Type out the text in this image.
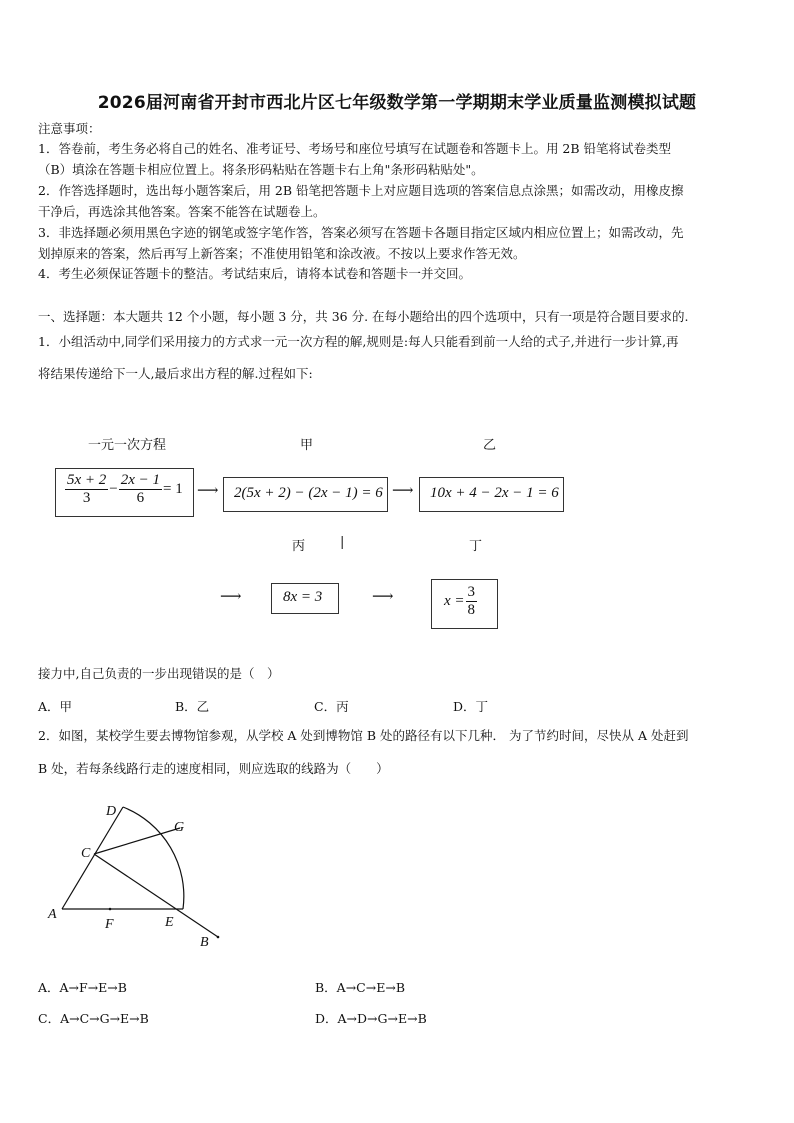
2026届河南省开封市西北片区七年级数学第一学期期末学业质量监测模拟试题
注意事项：
1．答卷前，考生务必将自己的姓名、准考证号、考场号和座位号填写在试题卷和答题卡上。用 2B 铅笔将试卷类型
（B）填涂在答题卡相应位置上。将条形码粘贴在答题卡右上角"条形码粘贴处"。
2．作答选择题时，选出每小题答案后，用 2B 铅笔把答题卡上对应题目选项的答案信息点涂黑；如需改动，用橡皮擦
干净后，再选涂其他答案。答案不能答在试题卷上。
3．非选择题必须用黑色字迹的钢笔或签字笔作答，答案必须写在答题卡各题目指定区域内相应位置上；如需改动，先
划掉原来的答案，然后再写上新答案；不准使用铅笔和涂改液。不按以上要求作答无效。
4．考生必须保证答题卡的整洁。考试结束后，请将本试卷和答题卡一并交回。
一、选择题：本大题共 12 个小题，每小题 3 分，共 36 分. 在每小题给出的四个选项中，只有一项是符合题目要求的.
1．小组活动中,同学们采用接力的方式求一元一次方程的解,规则是:每人只能看到前一人给的式子,并进行一步计算,再
将结果传递给下一人,最后求出方程的解.过程如下:
一元一次方程	甲	乙
$\frac{5x + 2}{3} - \frac{2x - 1}{6} = 1$ ⟶ 2(5x + 2) − (2x − 1) = 6 ⟶ 10x + 4 − 2x − 1 = 6
丙	|	丁
⟶	8x = 3	⟶	$x = \frac{3}{8}$
接力中,自己负责的一步出现错误的是（　）
A．甲	B．乙	C．丙	D．丁
2．如图，某校学生要去博物馆参观，从学校 A 处到博物馆 B 处的路径有以下几种． 为了节约时间，尽快从 A 处赶到
B 处，若每条线路行走的速度相同，则应选取的线路为（　　）
D
G
C
A
F	E
B
A．A→F→E→B	B．A→C→E→B
C．A→C→G→E→B	D．A→D→G→E→B
